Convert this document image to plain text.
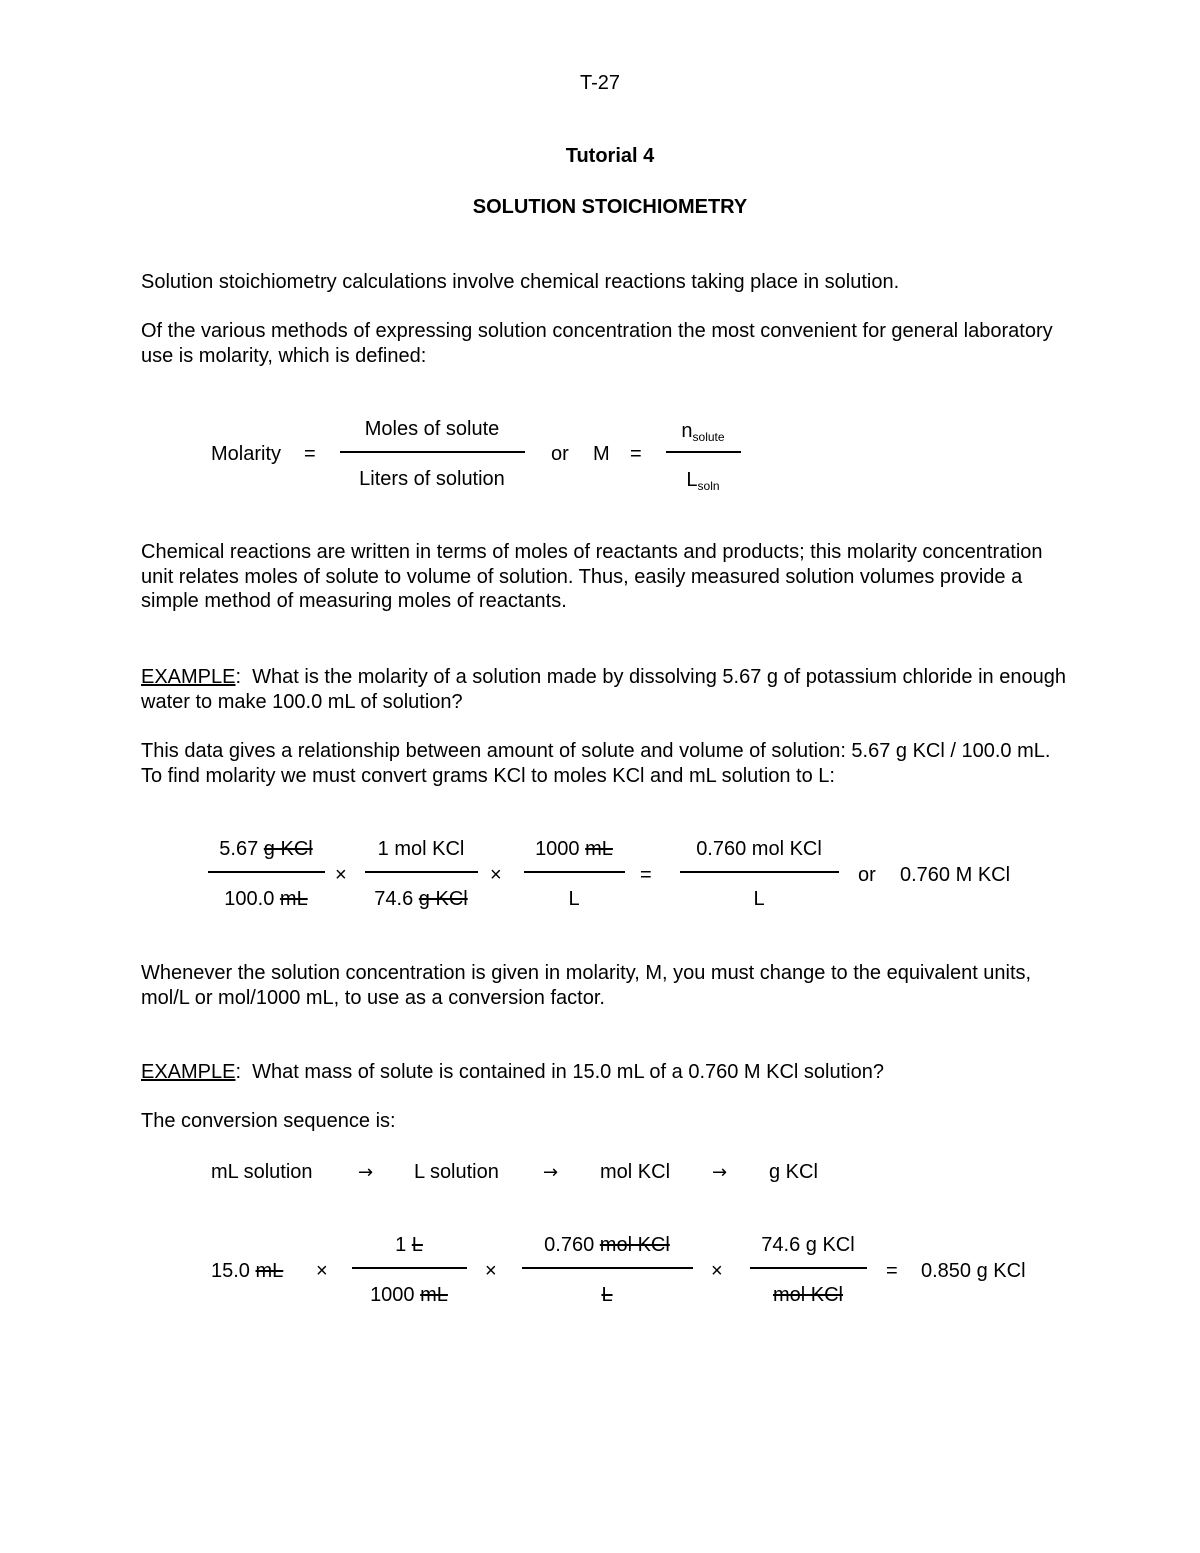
T-27
Tutorial 4
SOLUTION STOICHIOMETRY
Solution stoichiometry calculations involve chemical reactions taking place in solution.
Of the various methods of expressing solution concentration the most convenient for general laboratory use is molarity, which is defined:
Molarity =
Moles of solute
Liters of solution
or M =
$n_{solute}$
$L_{soln}$
Chemical reactions are written in terms of moles of reactants and products; this molarity concentration unit relates moles of solute to volume of solution. Thus, easily measured solution volumes provide a simple method of measuring moles of reactants.
EXAMPLE: What is the molarity of a solution made by dissolving 5.67 g of potassium chloride in enough water to make 100.0 mL of solution?
This data gives a relationship between amount of solute and volume of solution: 5.67 g KCl / 100.0 mL. To find molarity we must convert grams KCl to moles KCl and mL solution to L:
5.67 g KCl
100.0 mL
×
1 mol KCl
74.6 g KCl
×
1000 mL
L
=
0.760 mol KCl
L
or 0.760 M KCl
Whenever the solution concentration is given in molarity, M, you must change to the equivalent units, mol/L or mol/1000 mL, to use as a conversion factor.
EXAMPLE: What mass of solute is contained in 15.0 mL of a 0.760 M KCl solution?
The conversion sequence is:
mL solution	→ L solution → mol KCl → g KCl
15.0 mL ×
1 L
1000 mL
×
0.760 mol KCl
L
×
74.6 g KCl
mol KCl
= 0.850 g KCl
